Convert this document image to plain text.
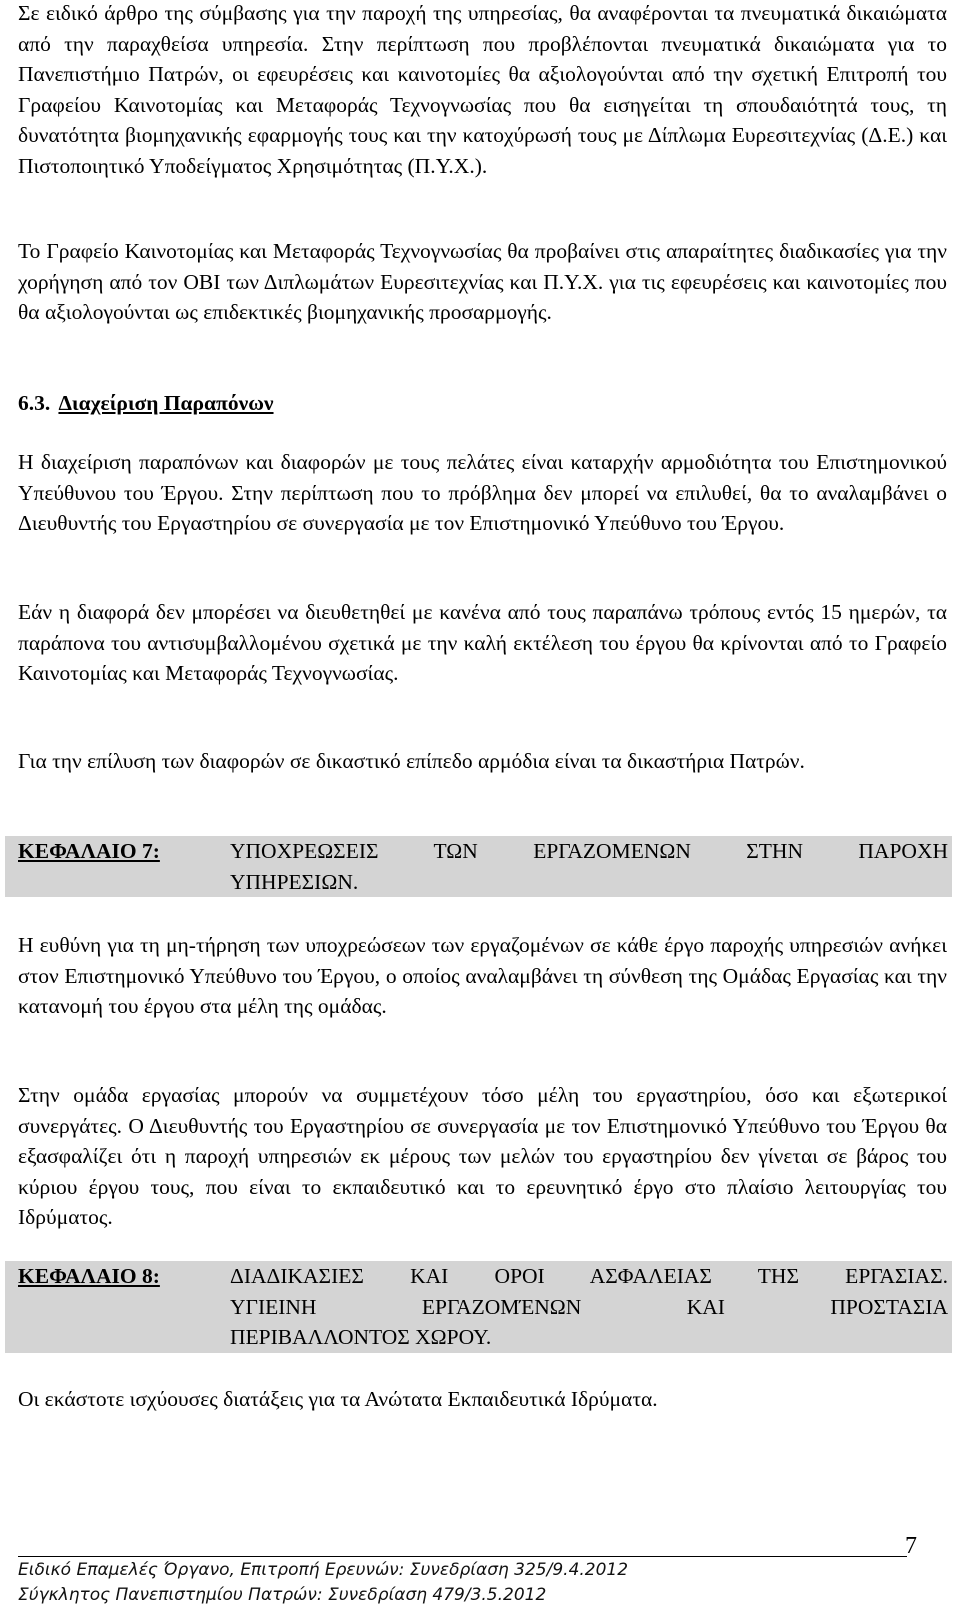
Σε ειδικό άρθρο της σύμβασης για την παροχή της υπηρεσίας, θα αναφέρονται τα πνευματικά δικαιώματα από την παραχθείσα υπηρεσία. Στην περίπτωση που προβλέπονται πνευματικά δικαιώματα για το Πανεπιστήμιο Πατρών, οι εφευρέσεις και καινοτομίες θα αξιολογούνται από την σχετική Επιτροπή του Γραφείου Καινοτομίας και Μεταφοράς Τεχνογνωσίας που θα εισηγείται τη σπουδαιότητά τους, τη δυνατότητα βιομηχανικής εφαρμογής τους και την κατοχύρωσή τους με Δίπλωμα Ευρεσιτεχνίας (Δ.Ε.) και Πιστοποιητικό Υποδείγματος Χρησιμότητας (Π.Υ.Χ.).

Το Γραφείο Καινοτομίας και Μεταφοράς Τεχνογνωσίας θα προβαίνει στις απαραίτητες διαδικασίες για την χορήγηση από τον ΟΒΙ των Διπλωμάτων Ευρεσιτεχνίας και Π.Υ.Χ. για τις εφευρέσεις και καινοτομίες που θα αξιολογούνται ως επιδεκτικές βιομηχανικής προσαρμογής.

6.3. Διαχείριση Παραπόνων

Η διαχείριση παραπόνων και διαφορών με τους πελάτες είναι καταρχήν αρμοδιότητα του Επιστημονικού Υπεύθυνου του Έργου. Στην περίπτωση που το πρόβλημα δεν μπορεί να επιλυθεί, θα το αναλαμβάνει ο Διευθυντής του Εργαστηρίου σε συνεργασία με τον Επιστημονικό Υπεύθυνο του Έργου.

Εάν η διαφορά δεν μπορέσει να διευθετηθεί με κανένα από τους παραπάνω τρόπους εντός 15 ημερών, τα παράπονα του αντισυμβαλλομένου σχετικά με την καλή εκτέλεση του έργου θα κρίνονται από το Γραφείο Καινοτομίας και Μεταφοράς Τεχνογνωσίας.

Για την επίλυση των διαφορών σε δικαστικό επίπεδο αρμόδια είναι τα δικαστήρια Πατρών.

ΚΕΦΑΛΑΙΟ 7:	ΥΠΟΧΡΕΩΣΕΙΣ ΤΩΝ ΕΡΓΑΖΟΜΕΝΩΝ ΣΤΗΝ ΠΑΡΟΧΗ
ΥΠΗΡΕΣΙΩΝ.

Η ευθύνη για τη μη-τήρηση των υποχρεώσεων των εργαζομένων σε κάθε έργο παροχής υπηρεσιών ανήκει στον Επιστημονικό Υπεύθυνο του Έργου, ο οποίος αναλαμβάνει τη σύνθεση της Ομάδας Εργασίας και την κατανομή του έργου στα μέλη της ομάδας.

Στην ομάδα εργασίας μπορούν να συμμετέχουν τόσο μέλη του εργαστηρίου, όσο και εξωτερικοί συνεργάτες. Ο Διευθυντής του Εργαστηρίου σε συνεργασία με τον Επιστημονικό Υπεύθυνο του Έργου θα εξασφαλίζει ότι η παροχή υπηρεσιών εκ μέρους των μελών του εργαστηρίου δεν γίνεται σε βάρος του κύριου έργου τους, που είναι το εκπαιδευτικό και το ερευνητικό έργο στο πλαίσιο λειτουργίας του Ιδρύματος.

ΚΕΦΑΛΑΙΟ 8:	ΔΙΑΔΙΚΑΣΙΕΣ ΚΑΙ ΟΡΟΙ ΑΣΦΑΛΕΙΑΣ ΤΗΣ ΕΡΓΑΣΙΑΣ.
ΥΓΙΕΙΝΗ ΕΡΓΑΖΟΜΈΝΩΝ ΚΑΙ ΠΡΟΣΤΑΣΙΑ
ΠΕΡΙΒΑΛΛΟΝΤΟΣ ΧΩΡΟΥ.

Οι εκάστοτε ισχύουσες διατάξεις για τα Ανώτατα Εκπαιδευτικά Ιδρύματα.

7
Ειδικό Επαμελές Όργανο, Επιτροπή Ερευνών: Συνεδρίαση 325/9.4.2012
Σύγκλητος Πανεπιστημίου Πατρών: Συνεδρίαση 479/3.5.2012
